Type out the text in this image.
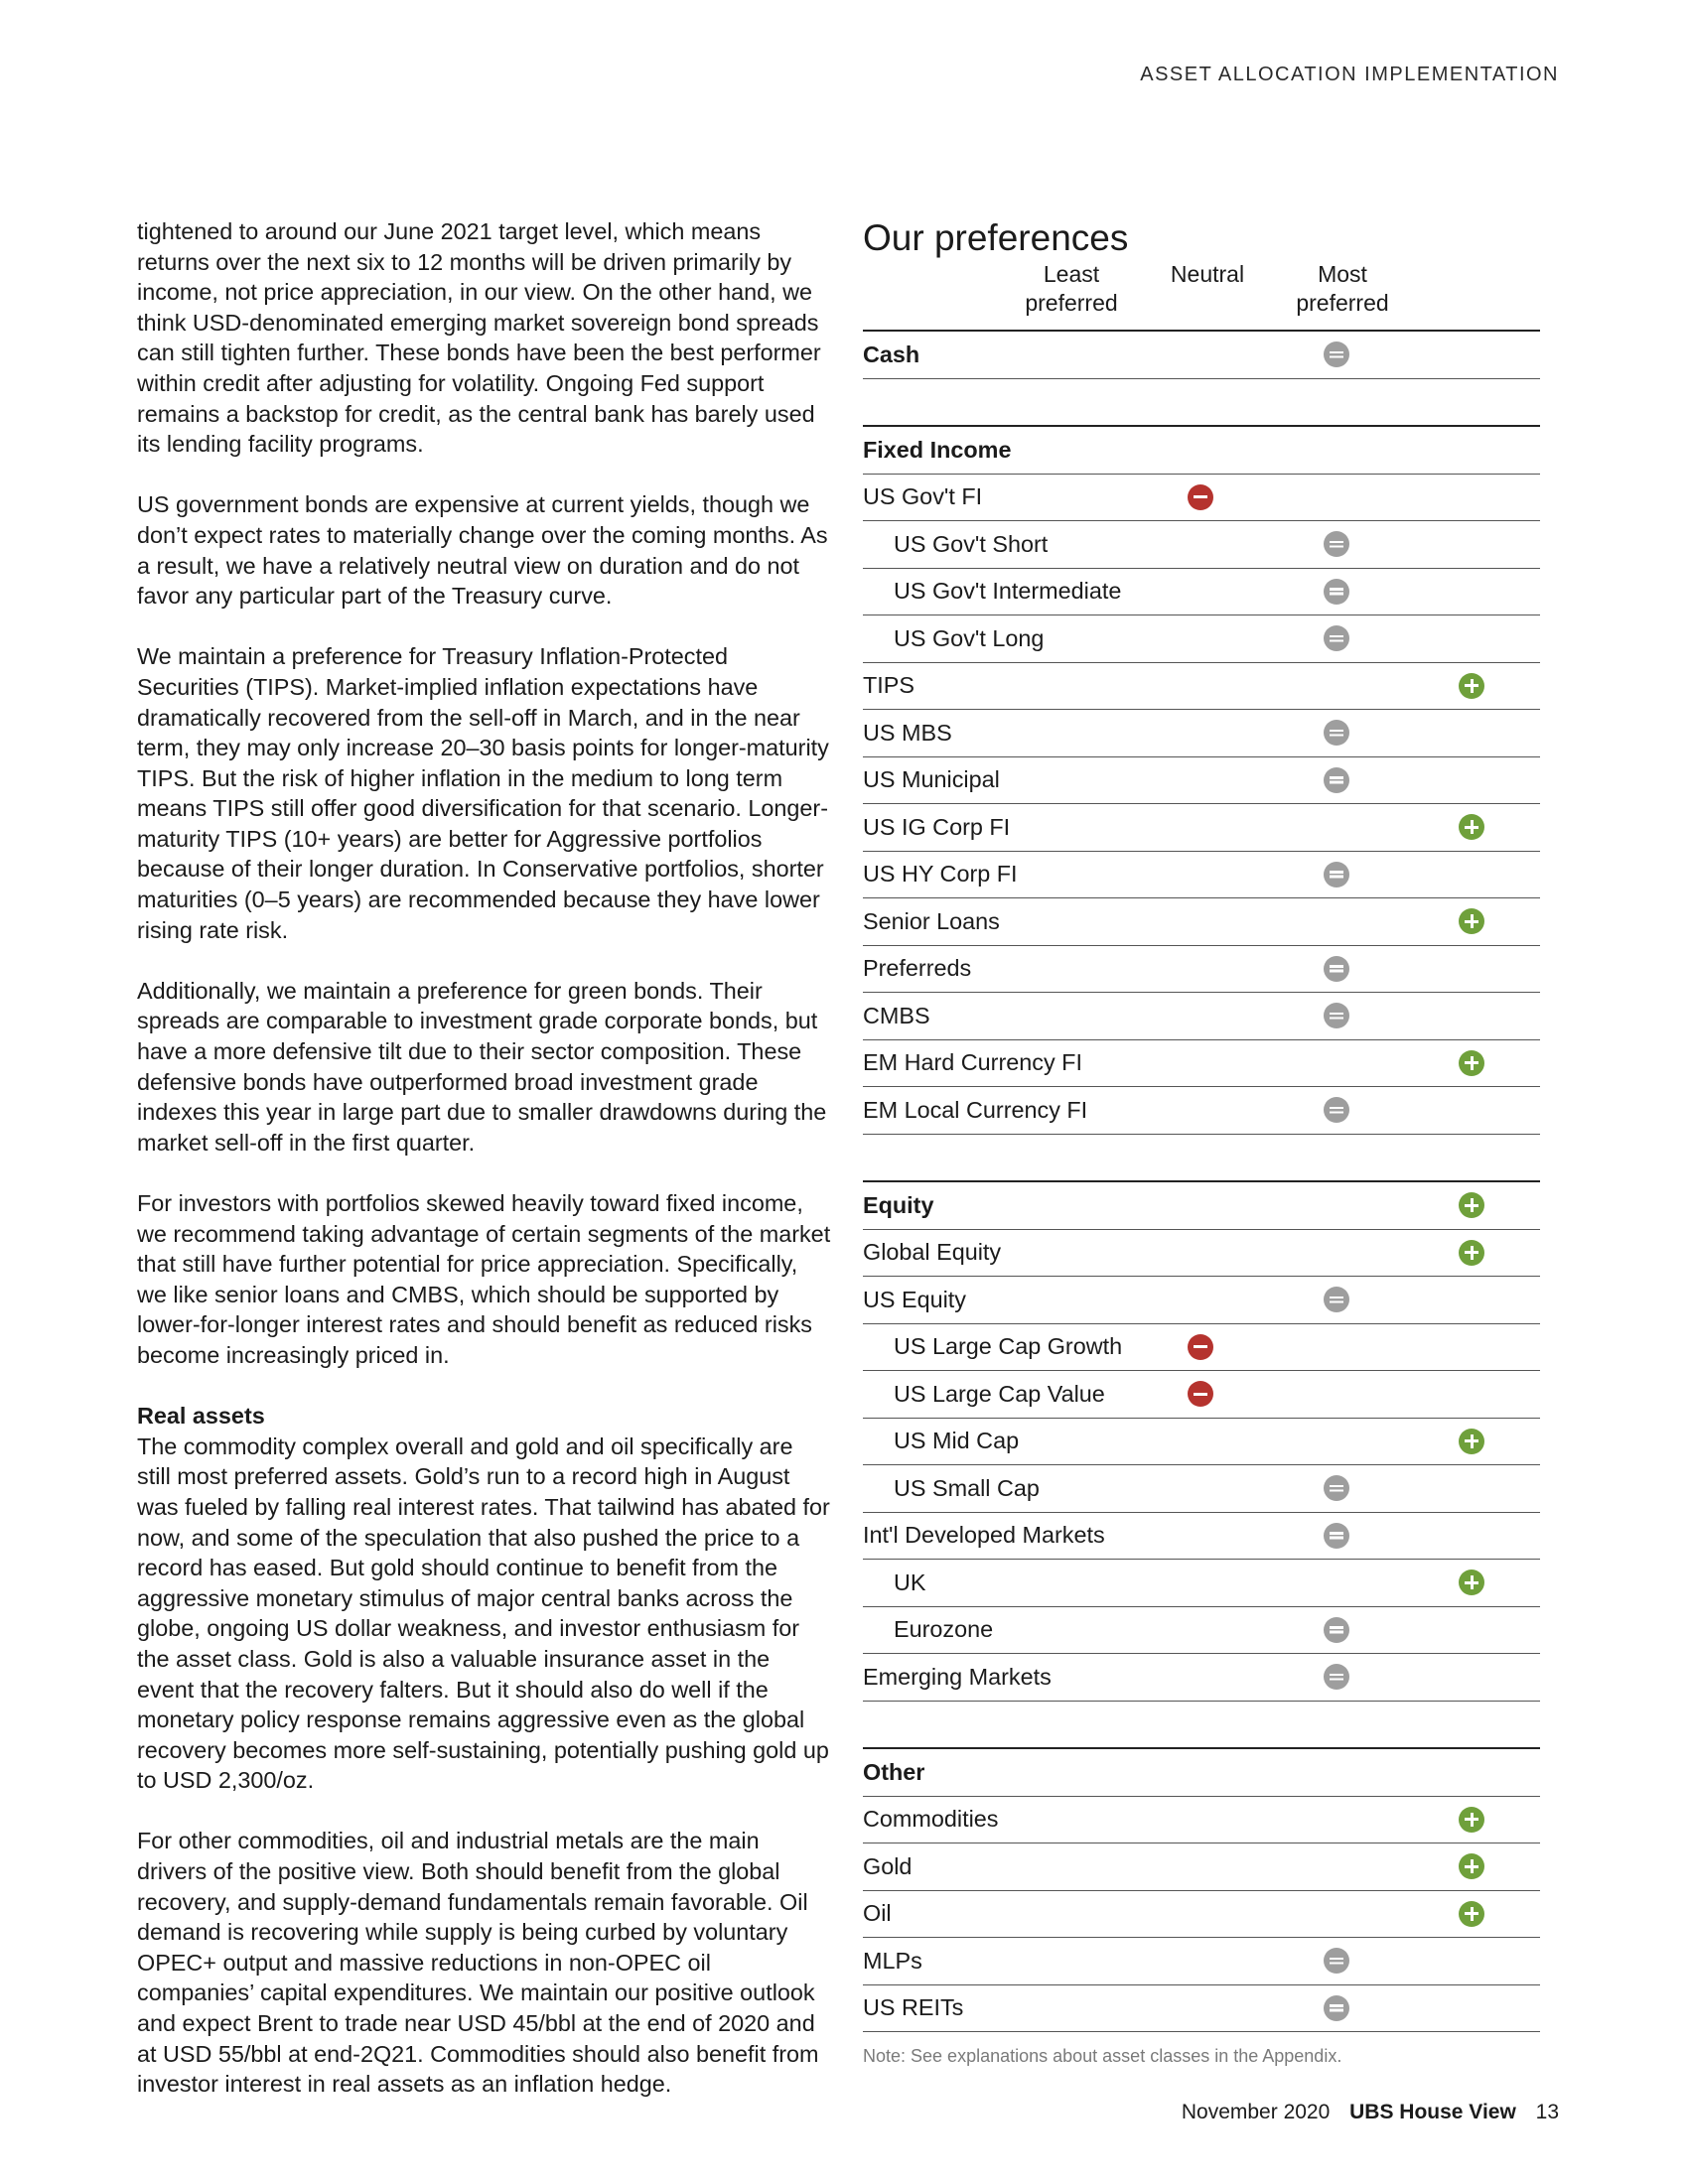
ASSET ALLOCATION IMPLEMENTATION

tightened to around our June 2021 target level, which means returns over the next six to 12 months will be driven primarily by income, not price appreciation, in our view. On the other hand, we think USD-denominated emerging market sovereign bond spreads can still tighten further. These bonds have been the best performer within credit after adjusting for volatility. Ongoing Fed support remains a backstop for credit, as the central bank has barely used its lending facility programs.

US government bonds are expensive at current yields, though we don’t expect rates to materially change over the coming months. As a result, we have a relatively neutral view on duration and do not favor any particular part of the Treasury curve.

We maintain a preference for Treasury Inflation-Protected Securities (TIPS). Market-implied inflation expectations have dramatically recovered from the sell-off in March, and in the near term, they may only increase 20–30 basis points for longer-maturity TIPS. But the risk of higher inflation in the medium to long term means TIPS still offer good diversification for that scenario. Longer-maturity TIPS (10+ years) are better for Aggressive portfolios because of their longer duration. In Conservative portfolios, shorter maturities (0–5 years) are recommended because they have lower rising rate risk.

Additionally, we maintain a preference for green bonds. Their spreads are comparable to investment grade corporate bonds, but have a more defensive tilt due to their sector composition. These defensive bonds have outperformed broad investment grade indexes this year in large part due to smaller drawdowns during the market sell-off in the first quarter.

For investors with portfolios skewed heavily toward fixed income, we recommend taking advantage of certain segments of the market that still have further potential for price appreciation. Specifically, we like senior loans and CMBS, which should be supported by lower-for-longer interest rates and should benefit as reduced risks become increasingly priced in.

Real assets

The commodity complex overall and gold and oil specifically are still most preferred assets. Gold’s run to a record high in August was fueled by falling real interest rates. That tailwind has abated for now, and some of the speculation that also pushed the price to a record has eased. But gold should continue to benefit from the aggressive monetary stimulus of major central banks across the globe, ongoing US dollar weakness, and investor enthusiasm for the asset class. Gold is also a valuable insurance asset in the event that the recovery falters. But it should also do well if the monetary policy response remains aggressive even as the global recovery becomes more self-sustaining, potentially pushing gold up to USD 2,300/oz.

For other commodities, oil and industrial metals are the main drivers of the positive view. Both should benefit from the global recovery, and supply-demand fundamentals remain favorable. Oil demand is recovering while supply is being curbed by voluntary OPEC+ output and massive reductions in non-OPEC oil companies’ capital expenditures. We maintain our positive outlook and expect Brent to trade near USD 45/bbl at the end of 2020 and at USD 55/bbl at end-2Q21. Commodities should also benefit from investor interest in real assets as an inflation hedge.

Our preferences
Least preferred
Neutral	Most preferred
Cash
Fixed Income
US Gov't FI
US Gov't Short
US Gov't Intermediate
US Gov't Long
TIPS
US MBS
US Municipal
US IG Corp FI
US HY Corp FI
Senior Loans
Preferreds
CMBS
EM Hard Currency FI
EM Local Currency FI
Equity
Global Equity
US Equity
US Large Cap Growth
US Large Cap Value
US Mid Cap
US Small Cap
Int'l Developed Markets
UK
Eurozone
Emerging Markets
Other
Commodities
Gold
Oil
MLPs
US REITs
Note: See explanations about asset classes in the Appendix.
November 2020 UBS House View 13
